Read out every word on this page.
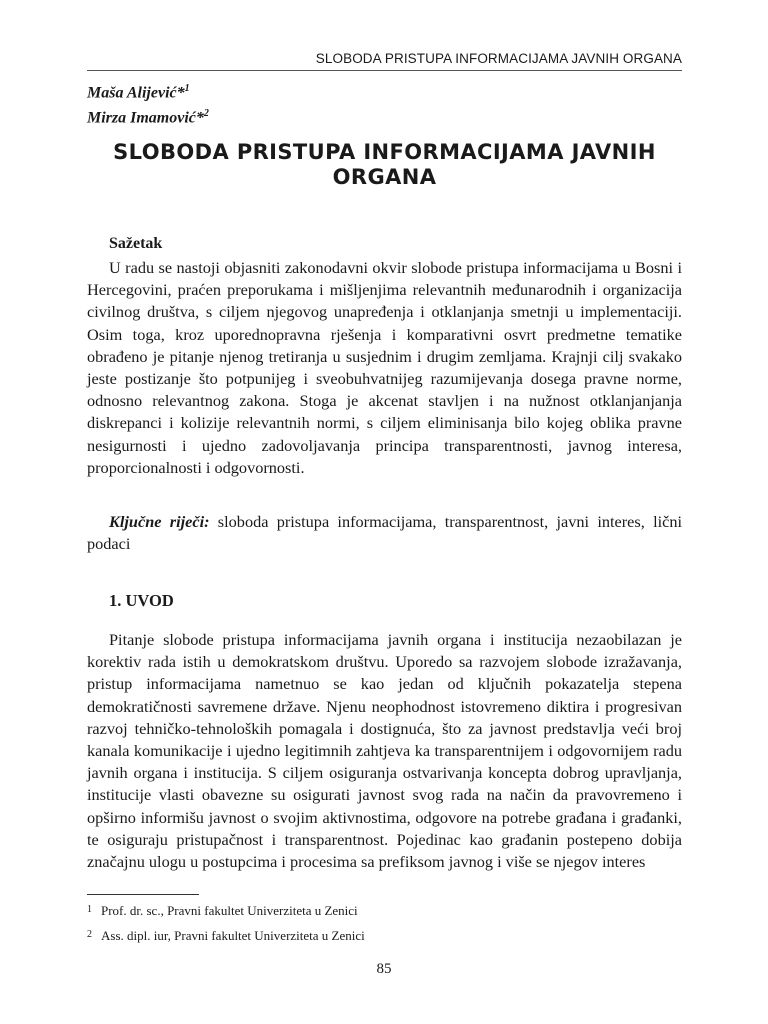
SLOBODA PRISTUPA INFORMACIJAMA JAVNIH ORGANA
Maša Alijević*$^1$
Mirza Imamović*$^2$
SLOBODA PRISTUPA INFORMACIJAMA JAVNIH ORGANA
Sažetak
U radu se nastoji objasniti zakonodavni okvir slobode pristupa informacijama u Bosni i Hercegovini, praćen preporukama i mišljenjima relevantnih međunarodnih i organizacija civilnog društva, s ciljem njegovog unapređenja i otklanjanja smetnji u implementaciji. Osim toga, kroz uporednopravna rješenja i komparativni osvrt predmetne tematike obrađeno je pitanje njenog tretiranja u susjednim i drugim zemljama. Krajnji cilj svakako jeste postizanje što potpunijeg i sveobuhvatnijeg razumijevanja dosega pravne norme, odnosno relevantnog zakona. Stoga je akcenat stavljen i na nužnost otklanjanjanja diskrepanci i kolizije relevantnih normi, s ciljem eliminisanja bilo kojeg oblika pravne nesigurnosti i ujedno zadovoljavanja principa transparentnosti, javnog interesa, proporcionalnosti i odgovornosti.
Ključne riječi: sloboda pristupa informacijama, transparentnost, javni interes, lični podaci
1. UVOD
Pitanje slobode pristupa informacijama javnih organa i institucija nezaobilazan je korektiv rada istih u demokratskom društvu. Uporedo sa razvojem slobode izražavanja, pristup informacijama nametnuo se kao jedan od ključnih pokazatelja stepena demokratičnosti savremene države. Njenu neophodnost istovremeno diktira i progresivan razvoj tehničko-tehnoloških pomagala i dostignuća, što za javnost predstavlja veći broj kanala komunikacije i ujedno legitimnih zahtjeva ka transparentnijem i odgovornijem radu javnih organa i institucija. S ciljem osiguranja ostvarivanja koncepta dobrog upravljanja, institucije vlasti obavezne su osigurati javnost svog rada na način da pravovremeno i opširno informišu javnost o svojim aktivnostima, odgovore na potrebe građana i građanki, te osiguraju pristupačnost i transparentnost. Pojedinac kao građanin postepeno dobija značajnu ulogu u postupcima i procesima sa prefiksom javnog i više se njegov interes
1 Prof. dr. sc., Pravni fakultet Univerziteta u Zenici
2 Ass. dipl. iur, Pravni fakultet Univerziteta u Zenici
85
